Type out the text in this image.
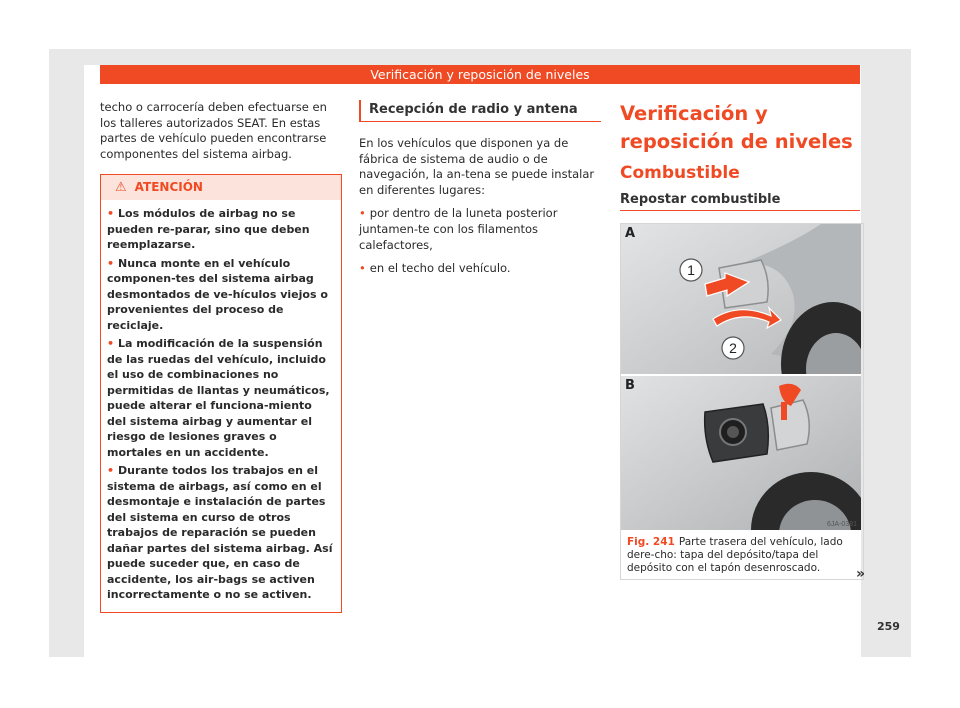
Verificación y reposición de niveles

techo o carrocería deben efectuarse en los talleres autorizados SEAT. En estas partes de vehículo pueden encontrarse componentes del sistema airbag.

⚠ ATENCIÓN
• Los módulos de airbag no se pueden re-parar, sino que deben reemplazarse.
• Nunca monte en el vehículo componen-tes del sistema airbag desmontados de ve-hículos viejos o provenientes del proceso de reciclaje.
• La modificación de la suspensión de las ruedas del vehículo, incluido el uso de combinaciones no permitidas de llantas y neumáticos, puede alterar el funciona-miento del sistema airbag y aumentar el riesgo de lesiones graves o mortales en un accidente.
• Durante todos los trabajos en el sistema de airbags, así como en el desmontaje e instalación de partes del sistema en curso de otros trabajos de reparación se pueden dañar partes del sistema airbag. Así puede suceder que, en caso de accidente, los air-bags se activen incorrectamente o no se activen.
Recepción de radio y antena

En los vehículos que disponen ya de fábrica de sistema de audio o de navegación, la an-tena se puede instalar en diferentes lugares:

• por dentro de la luneta posterior juntamen-te con los filamentos calefactores,

• en el techo del vehículo.

Verificación y reposición de niveles
Combustible
Repostar combustible
1
2
A
6JA-0381
B
Fig. 241 Parte trasera del vehículo, lado dere-cho: tapa del depósito/tapa del depósito con el tapón desenroscado.	»
259
